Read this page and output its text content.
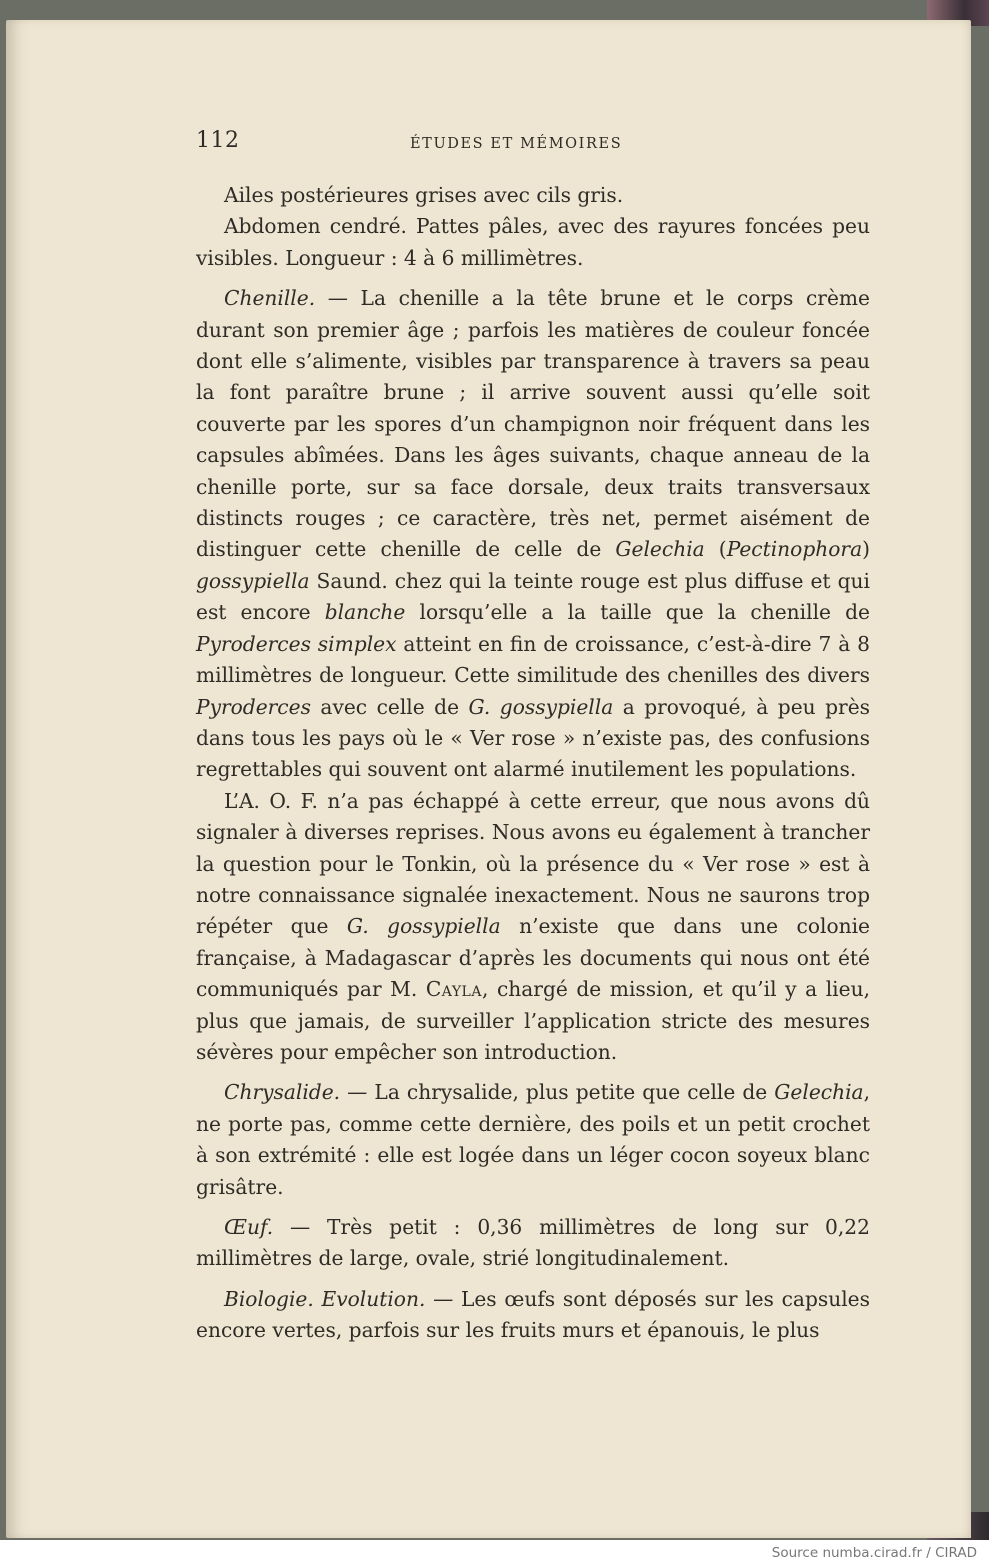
112	ÉTUDES ET MÉMOIRES

Ailes postérieures grises avec cils gris.

Abdomen cendré. Pattes pâles, avec des rayures foncées peu visibles. Longueur : 4 à 6 millimètres.

Chenille. — La chenille a la tête brune et le corps crème durant son premier âge ; parfois les matières de couleur foncée dont elle s’alimente, visibles par transparence à travers sa peau la font paraître brune ; il arrive souvent aussi qu’elle soit couverte par les spores d’un champignon noir fréquent dans les capsules abîmées. Dans les âges suivants, chaque anneau de la chenille porte, sur sa face dorsale, deux traits transversaux distincts rouges ; ce caractère, très net, permet aisément de distinguer cette chenille de celle de Gelechia (Pectinophora) gossypiella Saund. chez qui la teinte rouge est plus diffuse et qui est encore blanche lorsqu’elle a la taille que la chenille de Pyroderces simplex atteint en fin de croissance, c’est-à-dire 7 à 8 millimètres de longueur. Cette similitude des chenilles des divers Pyroderces avec celle de G. gossypiella a provoqué, à peu près dans tous les pays où le « Ver rose » n’existe pas, des confusions regrettables qui souvent ont alarmé inutilement les populations.

L’A. O. F. n’a pas échappé à cette erreur, que nous avons dû signaler à diverses reprises. Nous avons eu également à trancher la question pour le Tonkin, où la présence du « Ver rose » est à notre connaissance signalée inexactement. Nous ne saurons trop répéter que G. gossypiella n’existe que dans une colonie française, à Madagascar d’après les documents qui nous ont été communiqués par M. Cayla, chargé de mission, et qu’il y a lieu, plus que jamais, de surveiller l’application stricte des mesures sévères pour empêcher son introduction.

Chrysalide. — La chrysalide, plus petite que celle de Gelechia, ne porte pas, comme cette dernière, des poils et un petit crochet à son extrémité : elle est logée dans un léger cocon soyeux blanc grisâtre.

Œuf. — Très petit : 0,36 millimètres de long sur 0,22 millimètres de large, ovale, strié longitudinalement.

Biologie. Evolution. — Les œufs sont déposés sur les capsules encore vertes, parfois sur les fruits murs et épanouis, le plus

Source numba.cirad.fr / CIRAD
